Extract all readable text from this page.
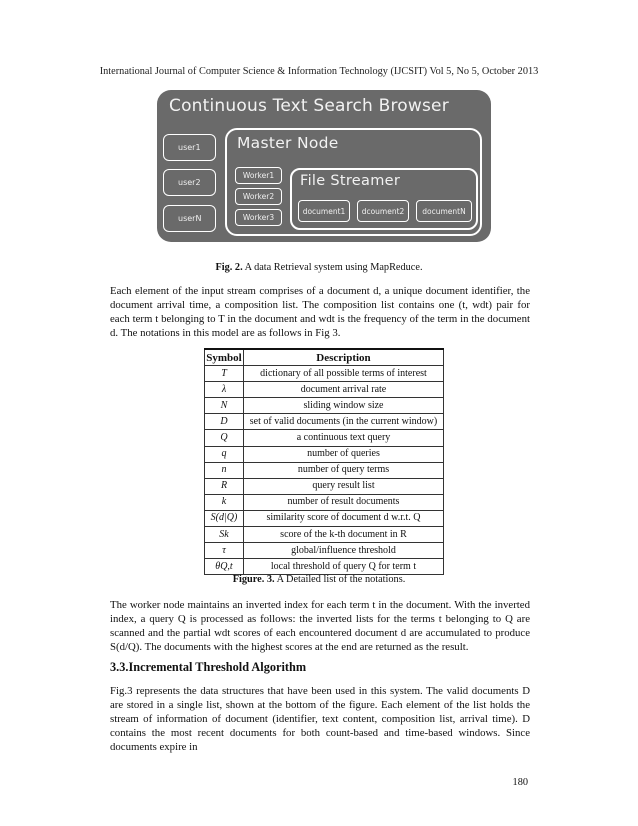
International Journal of Computer Science & Information Technology (IJCSIT) Vol 5, No 5, October 2013
Continuous Text Search Browser
user1
user2
userN
Master Node
Worker1
Worker2
Worker3
File Streamer
document1	dcoument2	documentN
Fig. 2. A data Retrieval system using MapReduce.

Each element of the input stream comprises of a document d, a unique document identifier, the document arrival time, a composition list. The composition list contains one (t, wdt) pair for each term t belonging to T in the document and wdt is the frequency of the term in the document d. The notations in this model are as follows in Fig 3.

Symbol	Description
T	dictionary of all possible terms of interest
λ	document arrival rate
N	sliding window size
D	set of valid documents (in the current window)
Q	a continuous text query
q	number of queries
n	number of query terms
R	query result list
k	number of result documents
S(d|Q)	similarity score of document d w.r.t. Q
Sk	score of the k-th document in R
τ	global/influence threshold
θQ,t	local threshold of query Q for term t
Figure. 3. A Detailed list of the notations.

The worker node maintains an inverted index for each term t in the document. With the inverted index, a query Q is processed as follows: the inverted lists for the terms t belonging to Q are scanned and the partial wdt scores of each encountered document d are accumulated to produce S(d/Q). The documents with the highest scores at the end are returned as the result.

3.3.Incremental Threshold Algorithm

Fig.3 represents the data structures that have been used in this system. The valid documents D are stored in a single list, shown at the bottom of the figure. Each element of the list holds the stream of information of document (identifier, text content, composition list, arrival time). D contains the most recent documents for both count-based and time-based windows. Since documents expire in

180
